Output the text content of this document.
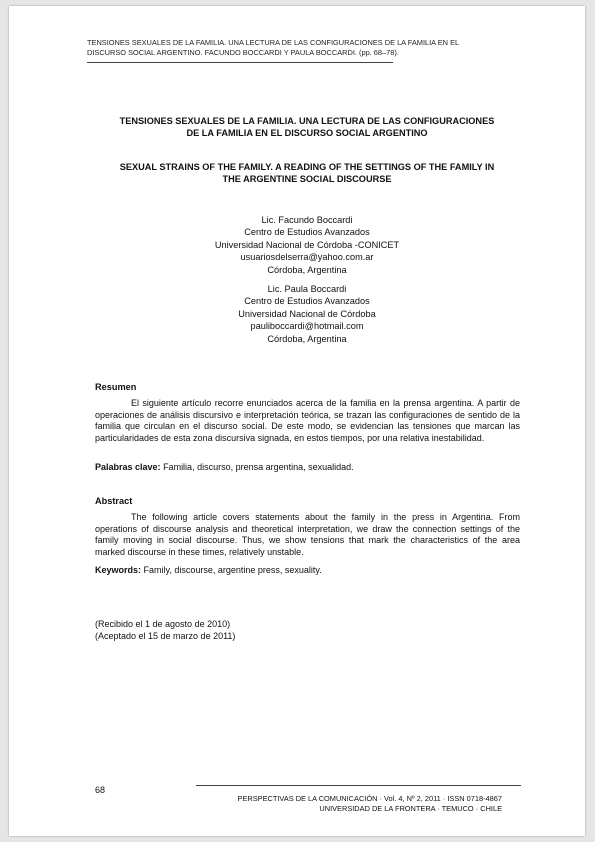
TENSIONES SEXUALES DE LA FAMILIA. UNA LECTURA DE LAS CONFIGURACIONES DE LA FAMILIA EN EL
DISCURSO SOCIAL ARGENTINO. FACUNDO BOCCARDI Y PAULA BOCCARDI. (pp. 68–78).
TENSIONES SEXUALES DE LA FAMILIA. UNA LECTURA DE LAS CONFIGURACIONES
DE LA FAMILIA EN EL DISCURSO SOCIAL ARGENTINO
SEXUAL STRAINS OF THE FAMILY. A READING OF THE SETTINGS OF THE FAMILY IN
THE ARGENTINE SOCIAL DISCOURSE
Lic. Facundo Boccardi
Centro de Estudios Avanzados
Universidad Nacional de Córdoba -CONICET
usuariosdelserra@yahoo.com.ar
Córdoba, Argentina
Lic. Paula Boccardi
Centro de Estudios Avanzados
Universidad Nacional de Córdoba
pauliboccardi@hotmail.com
Córdoba, Argentina
Resumen
El siguiente artículo recorre enunciados acerca de la familia en la prensa argentina. A partir de operaciones de análisis discursivo e interpretación teórica, se trazan las configuraciones de sentido de la familia que circulan en el discurso social. De este modo, se evidencian las tensiones que marcan las particularidades de esta zona discursiva signada, en estos tiempos, por una relativa inestabilidad.
Palabras clave: Familia, discurso, prensa argentina, sexualidad.
Abstract
The following article covers statements about the family in the press in Argentina. From operations of discourse analysis and theoretical interpretation, we draw the connection settings of the family moving in social discourse. Thus, we show tensions that mark the characteristics of the area marked discourse in these times, relatively unstable.
Keywords: Family, discourse, argentine press, sexuality.
(Recibido el 1 de agosto de 2010)
(Aceptado el 15 de marzo de 2011)
68
PERSPECTIVAS DE LA COMUNICACIÓN · Vol. 4, Nº 2, 2011 · ISSN 0718-4867
UNIVERSIDAD DE LA FRONTERA · TEMUCO · CHILE
